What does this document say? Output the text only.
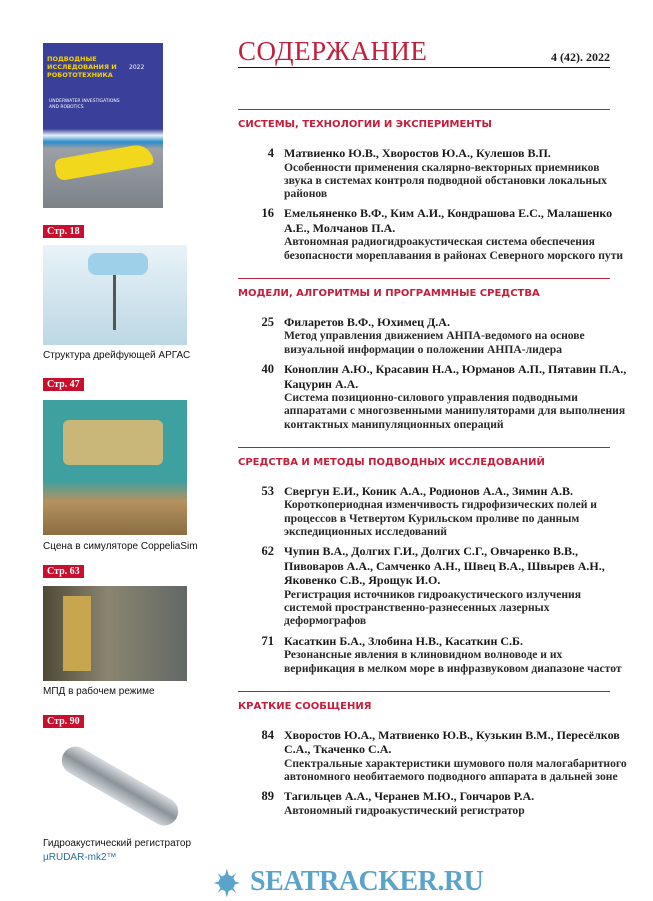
СОДЕРЖАНИЕ	4 (42). 2022
СИСТЕМЫ, ТЕХНОЛОГИИ И ЭКСПЕРИМЕНТЫ
4 Матвиенко Ю.В., Хворостов Ю.А., Кулешов В.П.
Особенности применения скалярно-векторных приемников звука в системах контроля подводной обстановки локальных районов
16 Емельяненко В.Ф., Ким А.И., Кондрашова Е.С., Малашенко А.Е., Молчанов П.А.
Автономная радиогидроакустическая система обеспечения безопасности мореплавания в районах Северного морского пути
МОДЕЛИ, АЛГОРИТМЫ И ПРОГРАММНЫЕ СРЕДСТВА
25 Филаретов В.Ф., Юхимец Д.А.
Метод управления движением АНПА-ведомого на основе визуальной информации о положении АНПА-лидера
40 Коноплин А.Ю., Красавин Н.А., Юрманов А.П., Пятавин П.А., Кацурин А.А.
Система позиционно-силового управления подводными аппаратами с многозвенными манипуляторами для выполнения контактных манипуляционных операций
СРЕДСТВА И МЕТОДЫ ПОДВОДНЫХ ИССЛЕДОВАНИЙ
53 Свергун Е.И., Коник А.А., Родионов А.А., Зимин А.В.
Короткопериодная изменчивость гидрофизических полей и процессов в Четвертом Курильском проливе по данным экспедиционных исследований
62 Чупин В.А., Долгих Г.И., Долгих С.Г., Овчаренко В.В., Пивоваров А.А., Самченко А.Н., Швец В.А., Швырев А.Н., Яковенко С.В., Ярощук И.О.
Регистрация источников гидроакустического излучения системой пространственно-разнесенных лазерных деформографов
71 Касаткин Б.А., Злобина Н.В., Касаткин С.Б.
Резонансные явления в клиновидном волноводе и их верификация в мелком море в инфразвуковом диапазоне частот
КРАТКИЕ СООБЩЕНИЯ
84 Хворостов Ю.А., Матвиенко Ю.В., Кузькин В.М., Пересёлков С.А., Ткаченко С.А.
Спектральные характеристики шумового поля малогабаритного автономного необитаемого подводного аппарата в дальней зоне
89 Тагильцев А.А., Черанев М.Ю., Гончаров Р.А.
Автономный гидроакустический регистратор
ПОДВОДНЫЕ ИССЛЕДОВАНИЯ И РОБОТОТЕХНИКА
2022
UNDERWATER INVESTIGATIONS AND ROBOTICS
Стр. 18
Структура дрейфующей АРГАС
Стр. 47
Сцена в симуляторе CoppeliaSim
Стр. 63
МПД в рабочем режиме
Стр. 90
Гидроакустический регистратор
µRUDAR-mk2™
SEATRACKER.RU
